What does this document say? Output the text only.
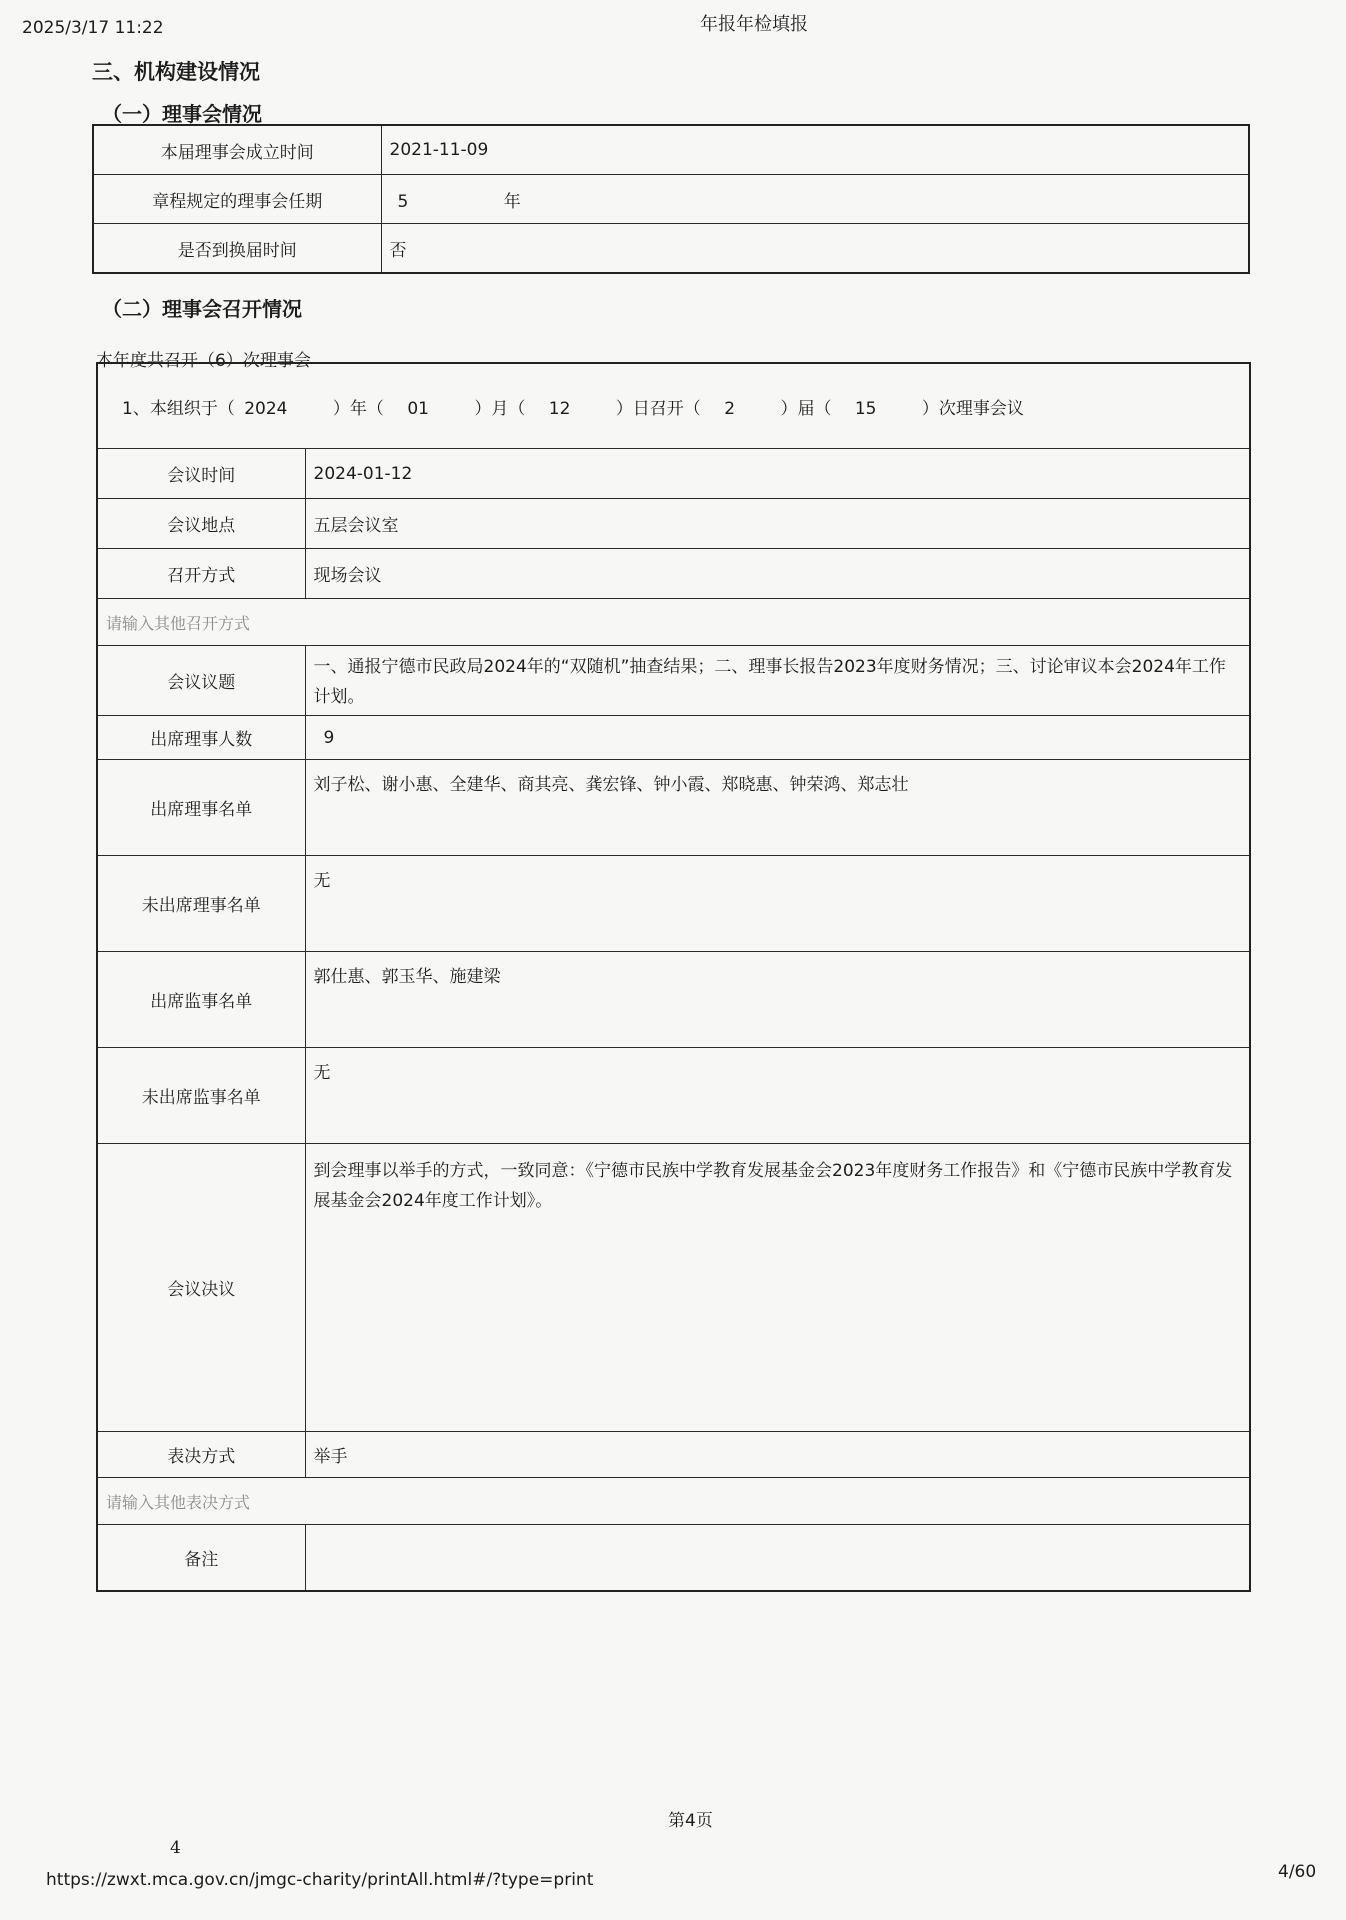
2025/3/17 11:22	年报年检填报
三、机构建设情况
（一）理事会情况
本届理事会成立时间	2021-11-09
章程规定的理事会任期	5 年
是否到换届时间	否
（二）理事会召开情况
本年度共召开（6）次理事会
1、本组织于（ 2024 ）年（ 01 ）月（ 12 ）日召开（ 2 ）届（ 15 ）次理事会议	
会议时间	2024-01-12
会议地点	五层会议室
召开方式	现场会议
请输入其他召开方式	
会议议题	一、通报宁德市民政局2024年的“双随机”抽查结果；二、理事长报告2023年度财务情况；三、讨论审议本会2024年工作计划。
出席理事人数	9
出席理事名单	刘子松、谢小惠、全建华、商其亮、龚宏锋、钟小霞、郑晓惠、钟荣鸿、郑志壮
未出席理事名单	无
出席监事名单	郭仕惠、郭玉华、施建梁
未出席监事名单	无
会议决议	到会理事以举手的方式，一致同意：《宁德市民族中学教育发展基金会2023年度财务工作报告》和《宁德市民族中学教育发展基金会2024年度工作计划》。
表决方式	举手
请输入其他表决方式	
备注	
第4页
4
https://zwxt.mca.gov.cn/jmgc-charity/printAll.html#/?type=print	4/60
